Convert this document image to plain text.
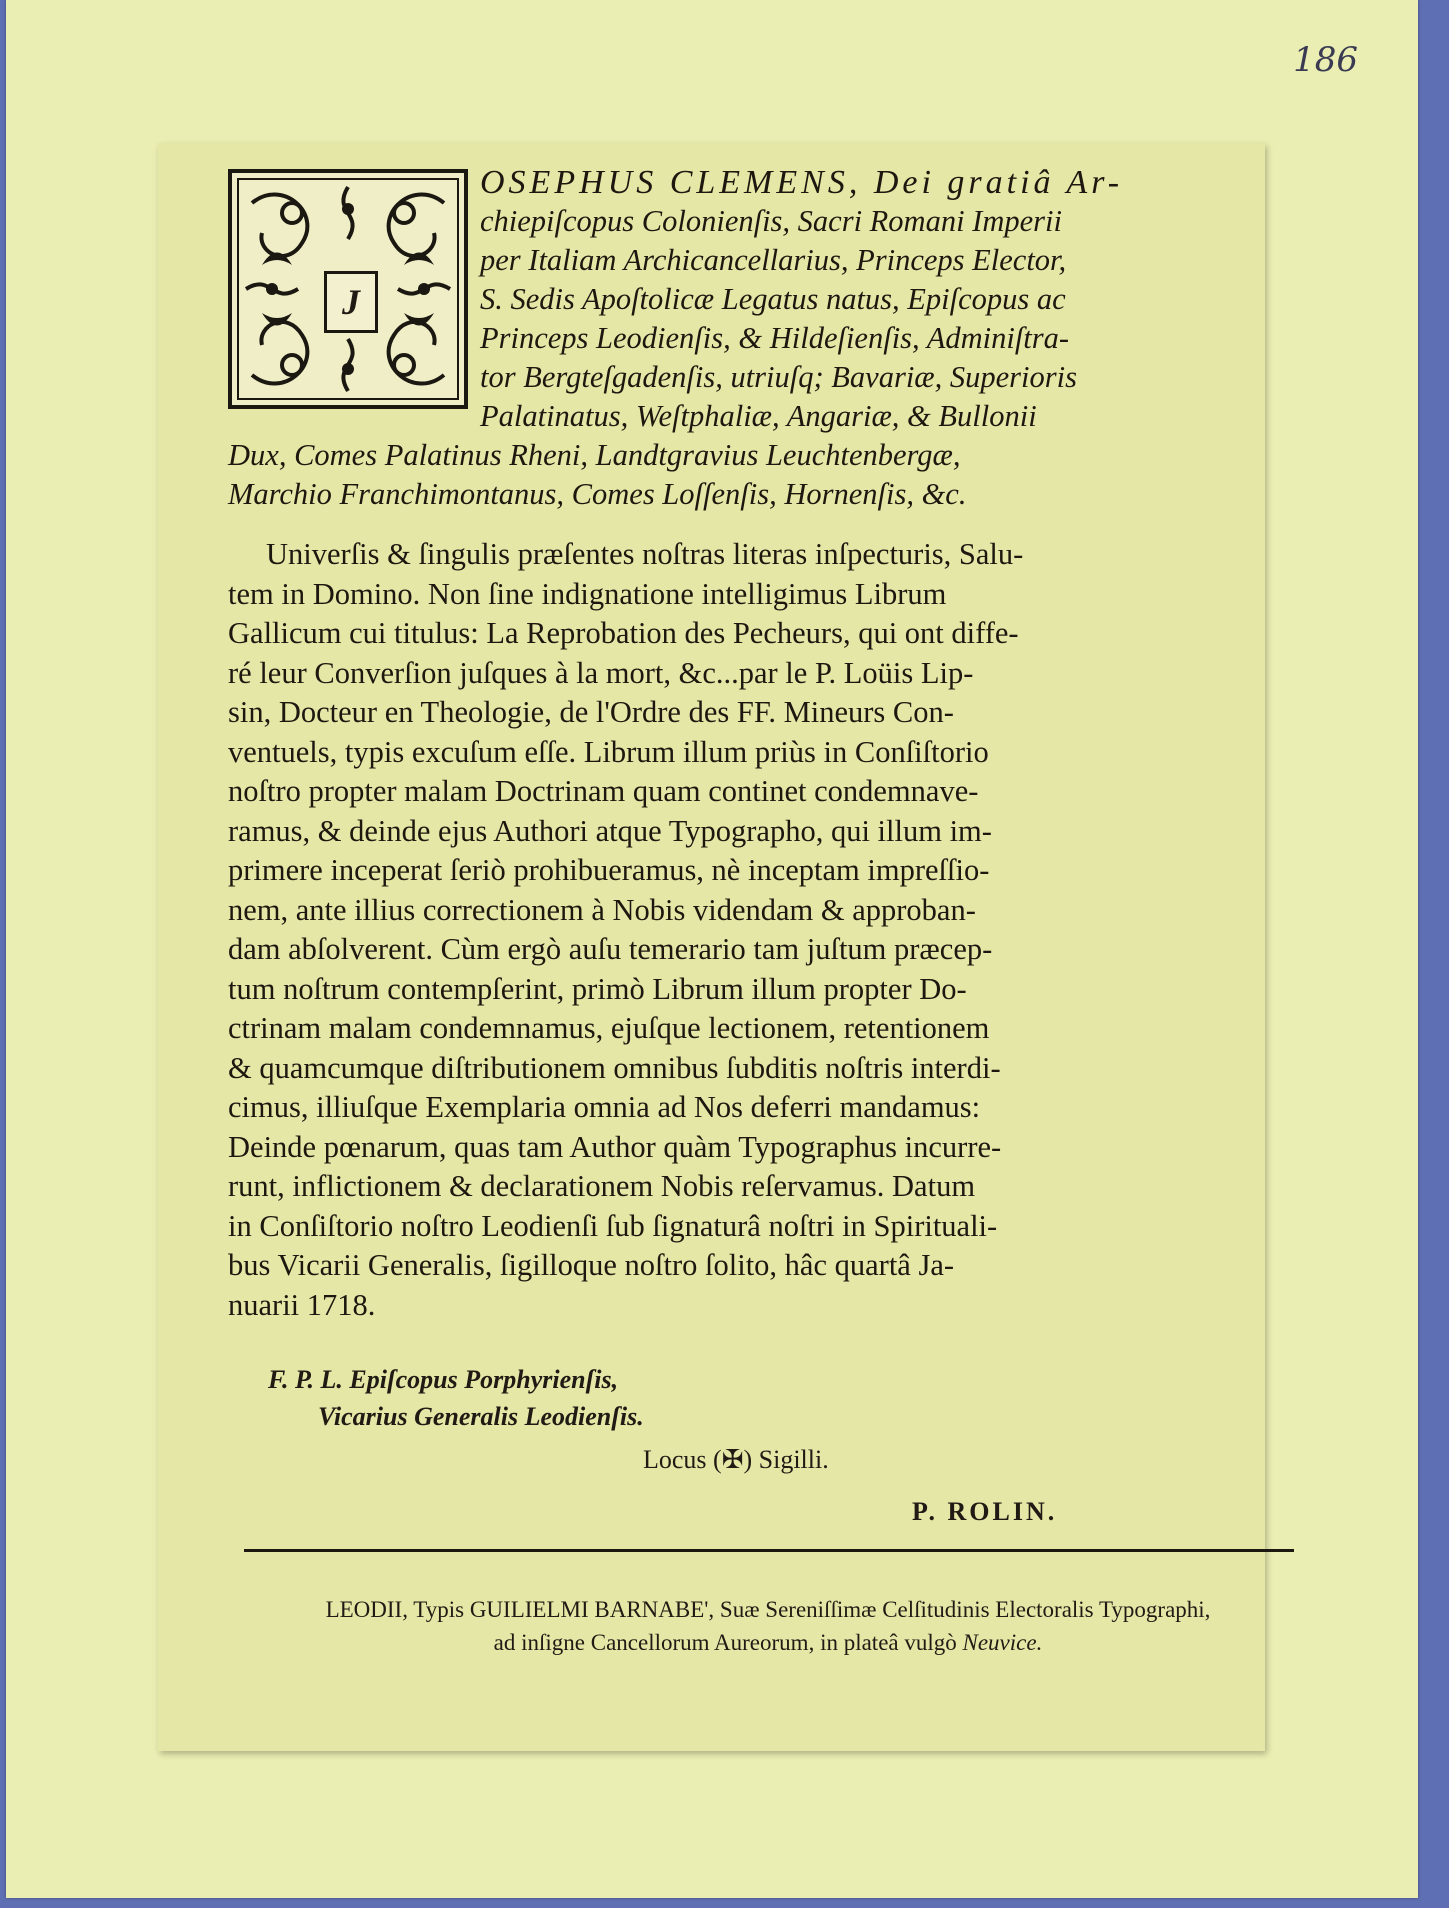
186
J
OSEPHUS CLEMENS, Dei gratiâ Ar-
chiepiſcopus Colonienſis, Sacri Romani Imperii
per Italiam Archicancellarius, Princeps Elector,
S. Sedis Apoſtolicæ Legatus natus, Epiſcopus ac
Princeps Leodienſis, & Hildeſienſis, Adminiſtra-
tor Bergteſgadenſis, utriuſq; Bavariæ, Superioris
Palatinatus, Weſtphaliæ, Angariæ, & Bullonii
Dux, Comes Palatinus Rheni, Landtgravius Leuchtenbergæ,
Marchio Franchimontanus, Comes Loſſenſis, Hornenſis, &c.
Univerſis & ſingulis præſentes noſtras literas inſpecturis, Salu-
tem in Domino. Non ſine indignatione intelligimus Librum
Gallicum cui titulus: La Reprobation des Pecheurs, qui ont diffe-
ré leur Converſion juſques à la mort, &c...par le P. Loüis Lip-
sin, Docteur en Theologie, de l'Ordre des FF. Mineurs Con-
ventuels, typis excuſum eſſe. Librum illum priùs in Conſiſtorio
noſtro propter malam Doctrinam quam continet condemnave-
ramus, & deinde ejus Authori atque Typographo, qui illum im-
primere inceperat ſeriò prohibueramus, nè inceptam impreſſio-
nem, ante illius correctionem à Nobis videndam & approban-
dam abſolverent. Cùm ergò auſu temerario tam juſtum præcep-
tum noſtrum contempſerint, primò Librum illum propter Do-
ctrinam malam condemnamus, ejuſque lectionem, retentionem
& quamcumque diſtributionem omnibus ſubditis noſtris interdi-
cimus, illiuſque Exemplaria omnia ad Nos deferri mandamus:
Deinde pœnarum, quas tam Author quàm Typographus incurre-
runt, inflictionem & declarationem Nobis reſervamus. Datum
in Conſiſtorio noſtro Leodienſi ſub ſignaturâ noſtri in Spirituali-
bus Vicarii Generalis, ſigilloque noſtro ſolito, hâc quartâ Ja-
nuarii 1718.
F. P. L. Epiſcopus Porphyrienſis,
Vicarius Generalis Leodienſis.
Locus (✠) Sigilli.
P. ROLIN.
LEODII, Typis GUILIELMI BARNABE', Suæ Sereniſſimæ Celſitudinis Electoralis Typographi,
ad inſigne Cancellorum Aureorum, in plateâ vulgò Neuvice.
